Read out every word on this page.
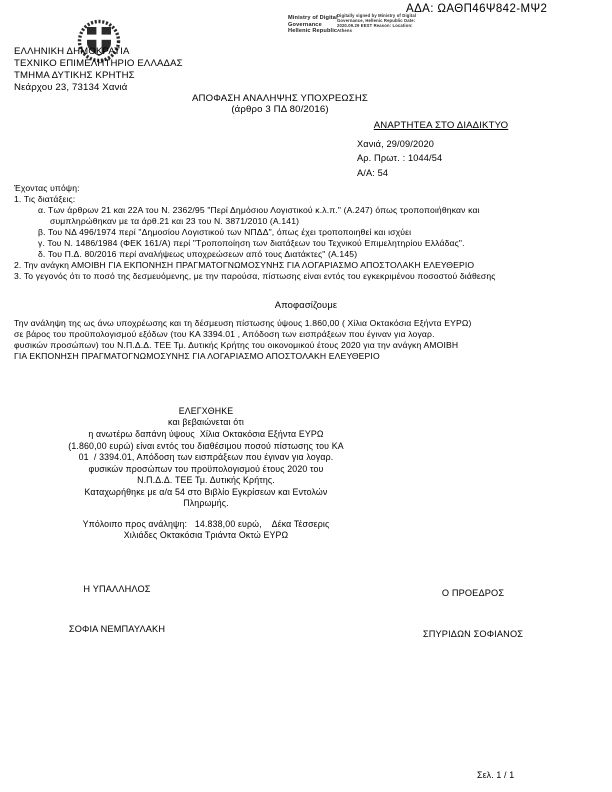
ΑΔΑ: ΩΑΘΠ46Ψ842-ΜΨ2
Ministry of Digital Governance Hellenic Republic
Digitally signed by Ministry of Digital Governance, Hellenic Republic Date: 2020.09.29 EEST Reason: Location: Athens
ΕΛΛΗΝΙΚΗ ΔΗΜΟΚΡΑΤΙΑ
ΤΕΧΝΙΚΟ ΕΠΙΜΕΛΗΤΗΡΙΟ ΕΛΛΑΔΑΣ
ΤΜΗΜΑ ΔΥΤΙΚΗΣ ΚΡΗΤΗΣ
Νεάρχου 23, 73134 Χανιά
ΑΠΟΦΑΣΗ ΑΝΑΛΗΨΗΣ ΥΠΟΧΡΕΩΣΗΣ
(άρθρο 3 ΠΔ 80/2016)
ΑΝΑΡΤΗΤΕΑ ΣΤΟ ΔΙΑΔΙΚΤΥΟ
Χανιά, 29/09/2020
Αρ. Πρωτ. : 1044/54
Α/Α: 54
Έχοντας υπόψη:
1. Τις διατάξεις:
α. Των άρθρων 21 και 22Α του Ν. 2362/95 "Περί Δημόσιου Λογιστικού κ.λ.π." (Α.247) όπως τροποποιήθηκαν και
συμπληρώθηκαν με τα άρθ.21 και 23 του Ν. 3871/2010 (Α.141)
β. Του ΝΔ 496/1974 περί "Δημοσίου Λογιστικού των ΝΠΔΔ", όπως έχει τροποποιηθεί και ισχύει
γ. Του Ν. 1486/1984 (ΦΕΚ 161/Α) περί "Τροποποίηση των διατάξεων του Τεχνικού Επιμελητηρίου Ελλάδας".
δ. Του Π.Δ. 80/2016 περί αναλήψεως υποχρεώσεων από τους Διατάκτες" (Α.145)
2. Την ανάγκη ΑΜΟΙΒΗ ΓΙΑ ΕΚΠΟΝΗΣΗ ΠΡΑΓΜΑΤΟΓΝΩΜΟΣΥΝΗΣ ΓΙΑ ΛΟΓΑΡΙΑΣΜΟ ΑΠΟΣΤΟΛΑΚΗ ΕΛΕΥΘΕΡΙΟ
3. Το γεγονός ότι το ποσό της δεσμευόμενης, με την παρούσα, πίστωσης είναι εντός του εγκεκριμένου ποσοστού διάθεσης
Αποφασίζουμε
Την ανάληψη της ως άνω υποχρέωσης και τη δέσμευση πίστωσης ύψους 1.860,00 ( Χίλια Οκτακόσια Εξήντα ΕΥΡΩ)
σε βάρος του προϋπολογισμού εξόδων (του ΚΑ 3394.01 , Απόδοση των εισπράξεων που έγιναν για λογαρ.
φυσικών προσώπων) του Ν.Π.Δ.Δ. ΤΕΕ Τμ. Δυτικής Κρήτης του οικονομικού έτους 2020 για την ανάγκη ΑΜΟΙΒΗ
ΓΙΑ ΕΚΠΟΝΗΣΗ ΠΡΑΓΜΑΤΟΓΝΩΜΟΣΥΝΗΣ ΓΙΑ ΛΟΓΑΡΙΑΣΜΟ ΑΠΟΣΤΟΛΑΚΗ ΕΛΕΥΘΕΡΙΟ
ΕΛΕΓΧΘΗΚΕ
και βεβαιώνεται ότι
η ανωτέρω δαπάνη ύψους  Χίλια Οκτακόσια Εξήντα ΕΥΡΩ
(1.860,00 ευρώ) είναι εντός του διαθέσιμου ποσού πίστωσης του ΚΑ
01  / 3394.01, Απόδοση των εισπράξεων που έγιναν για λογαρ.
φυσικών προσώπων του προϋπολογισμού έτους 2020 του
Ν.Π.Δ.Δ. ΤΕΕ Τμ. Δυτικής Κρήτης.
Καταχωρήθηκε με α/α 54 στο Βιβλίο Εγκρίσεων και Εντολών
Πληρωμής.
Υπόλοιπο προς ανάληψη:   14.838,00 ευρώ,    Δέκα Τέσσερις
Χιλιάδες Οκτακόσια Τριάντα Οκτώ ΕΥΡΩ
Η ΥΠΑΛΛΗΛΟΣ
ΣΟΦΙΑ ΝΕΜΠΑΥΛΑΚΗ
Ο ΠΡΟΕΔΡΟΣ
ΣΠΥΡΙΔΩΝ ΣΟΦΙΑΝΟΣ
Σελ. 1 / 1
